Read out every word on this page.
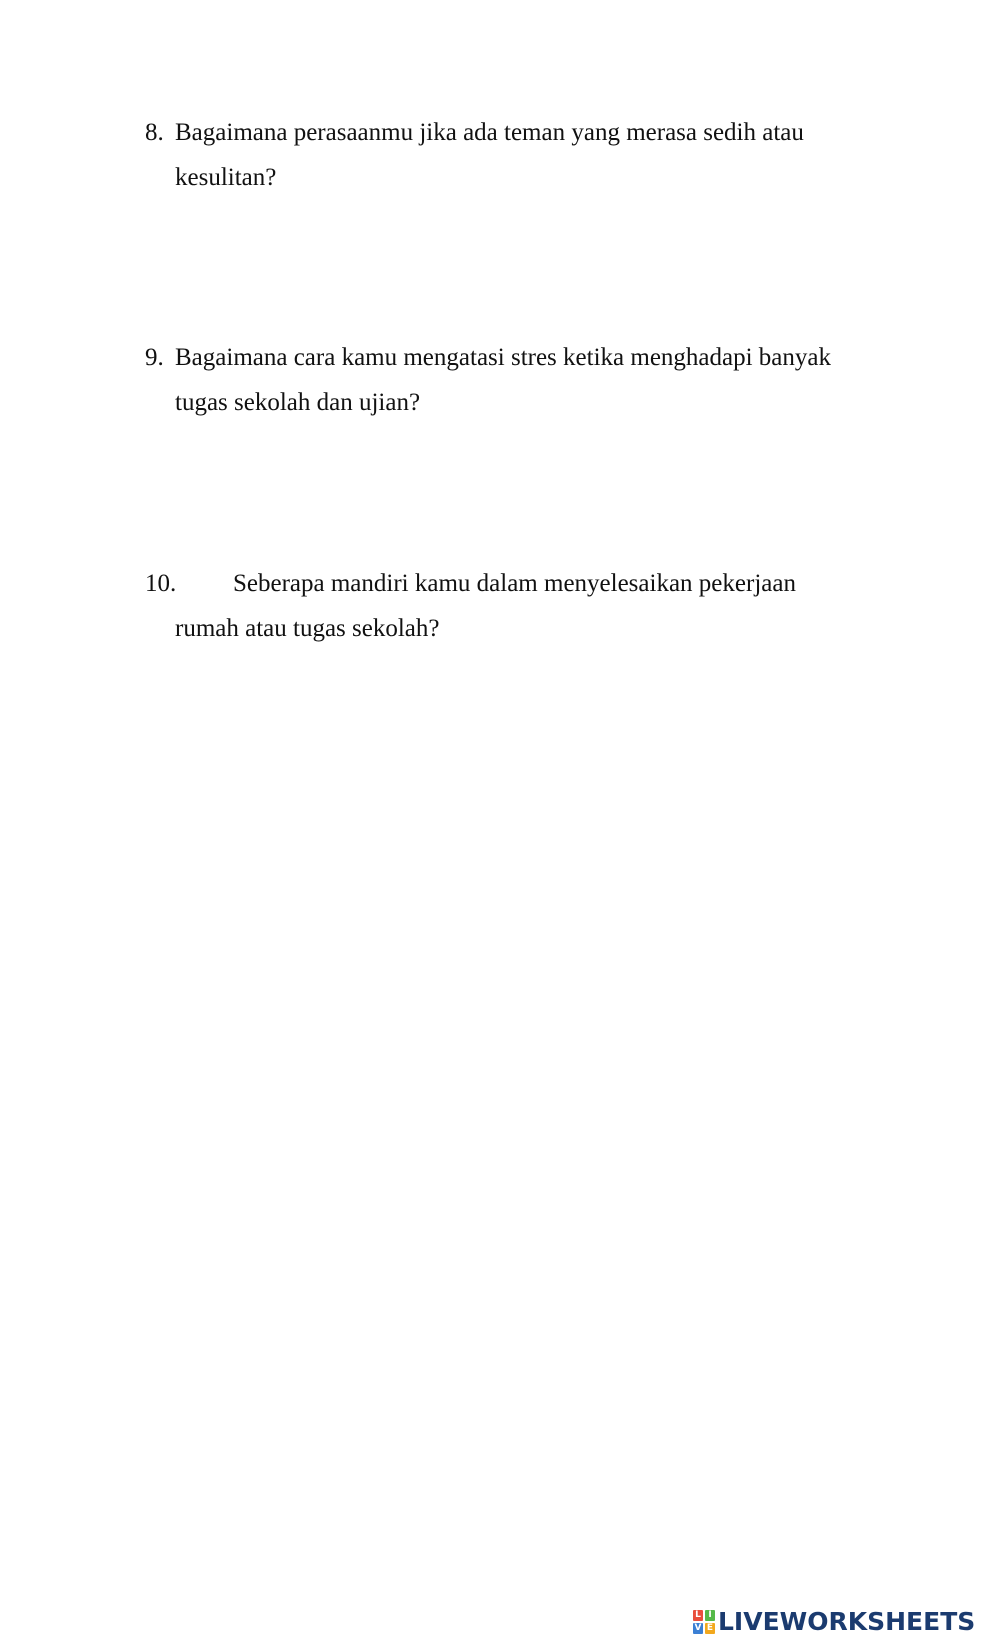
8. Bagaimana perasaanmu jika ada teman yang merasa sedih atau
kesulitan?
9. Bagaimana cara kamu mengatasi stres ketika menghadapi banyak
tugas sekolah dan ujian?
10.	Seberapa mandiri kamu dalam menyelesaikan pekerjaan
rumah atau tugas sekolah?
L I
V E LIVEWORKSHEETS
